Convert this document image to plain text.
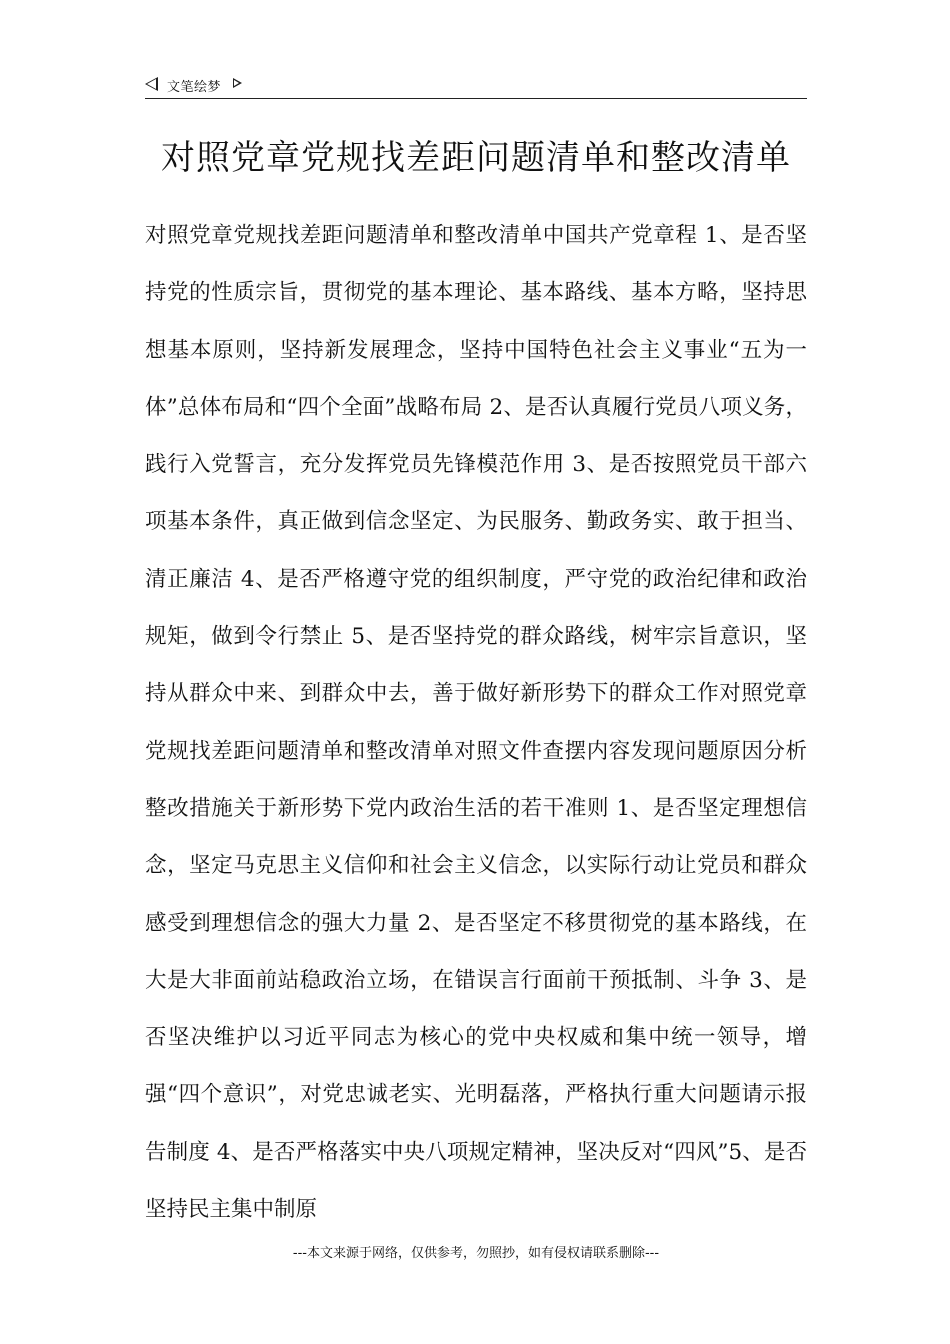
文笔绘梦
对照党章党规找差距问题清单和整改清单

对照党章党规找差距问题清单和整改清单中国共产党章程 1、是否坚持党的性质宗旨，贯彻党的基本理论、基本路线、基本方略，坚持思想基本原则，坚持新发展理念，坚持中国特色社会主义事业“五为一体”总体布局和“四个全面”战略布局 2、是否认真履行党员八项义务，践行入党誓言，充分发挥党员先锋模范作用 3、是否按照党员干部六项基本条件，真正做到信念坚定、为民服务、勤政务实、敢于担当、清正廉洁 4、是否严格遵守党的组织制度，严守党的政治纪律和政治规矩，做到令行禁止 5、是否坚持党的群众路线，树牢宗旨意识，坚持从群众中来、到群众中去，善于做好新形势下的群众工作对照党章党规找差距问题清单和整改清单对照文件查摆内容发现问题原因分析整改措施关于新形势下党内政治生活的若干准则 1、是否坚定理想信念，坚定马克思主义信仰和社会主义信念，以实际行动让党员和群众感受到理想信念的强大力量 2、是否坚定不移贯彻党的基本路线，在大是大非面前站稳政治立场，在错误言行面前干预抵制、斗争 3、是否坚决维护以习近平同志为核心的党中央权威和集中统一领导，增强“四个意识”，对党忠诚老实、光明磊落，严格执行重大问题请示报告制度 4、是否严格落实中央八项规定精神，坚决反对“四风”5、是否坚持民主集中制原

---本文来源于网络，仅供参考，勿照抄，如有侵权请联系删除---
